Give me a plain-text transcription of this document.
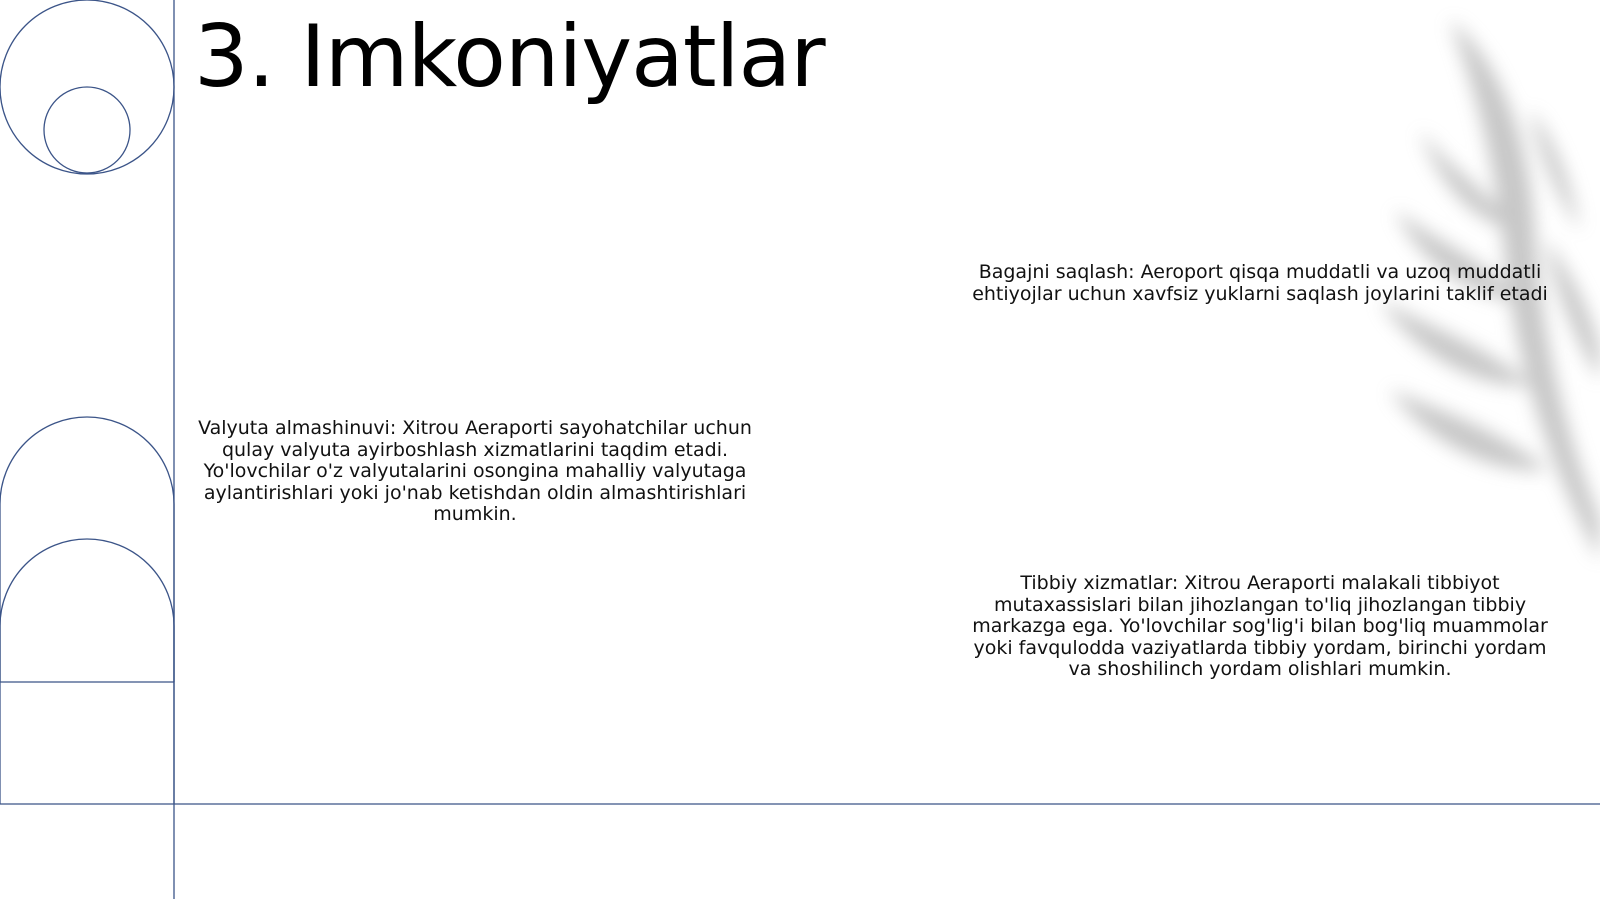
3. Imkoniyatlar

Bagajni saqlash: Aeroport qisqa muddatli va uzoq muddatli ehtiyojlar uchun xavfsiz yuklarni saqlash joylarini taklif etadi

Valyuta almashinuvi: Xitrou Aeraporti sayohatchilar uchun qulay valyuta ayirboshlash xizmatlarini taqdim etadi. Yo'lovchilar o'z valyutalarini osongina mahalliy valyutaga aylantirishlari yoki jo'nab ketishdan oldin almashtirishlari mumkin.

Tibbiy xizmatlar: Xitrou Aeraporti malakali tibbiyot mutaxassislari bilan jihozlangan to'liq jihozlangan tibbiy markazga ega. Yo'lovchilar sog'lig'i bilan bog'liq muammolar yoki favqulodda vaziyatlarda tibbiy yordam, birinchi yordam va shoshilinch yordam olishlari mumkin.
